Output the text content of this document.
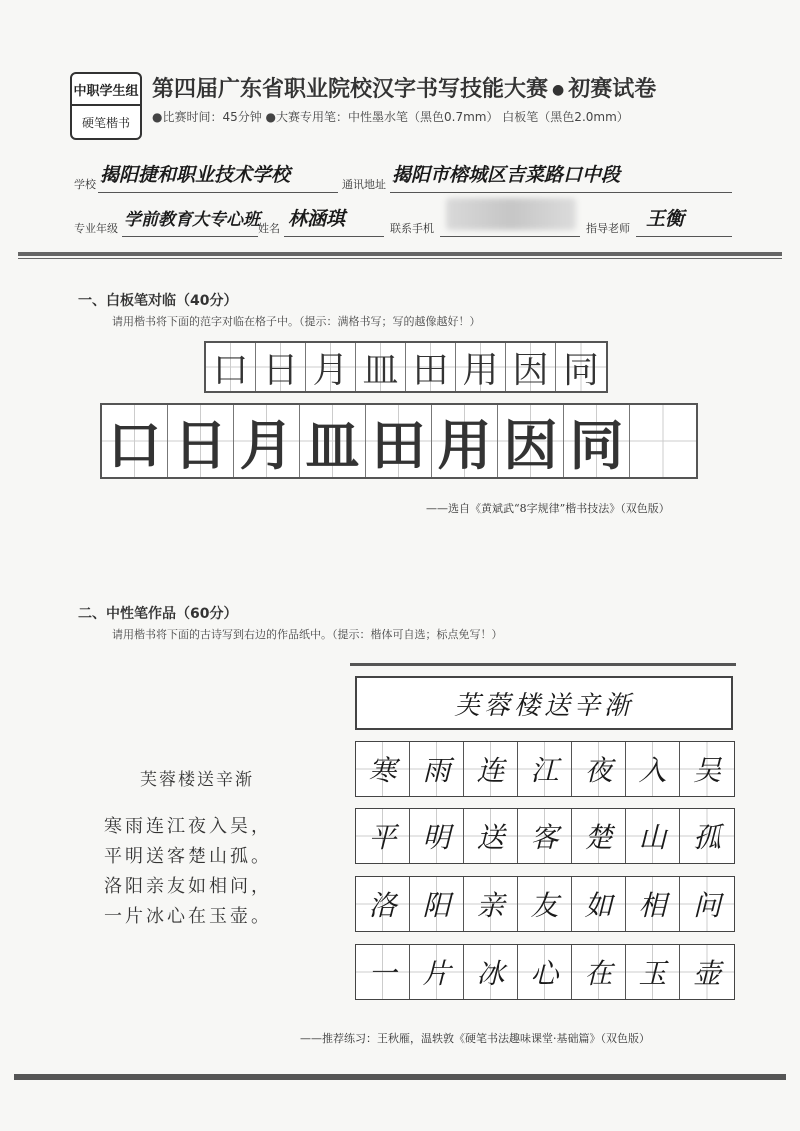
中职学生组
硬笔楷书
第四届广东省职业院校汉字书写技能大赛 ● 初赛试卷
●比赛时间：45分钟 ●大赛专用笔：中性墨水笔（黑色0.7mm） 白板笔（黑色2.0mm）
学校 揭阳捷和职业技术学校	通讯地址 揭阳市榕城区吉菜路口中段
专业年级 学前教育大专心班
姓名 林涵琪	联系手机	指导老师 王衡
一、白板笔对临（40分）
请用楷书将下面的范字对临在格子中。（提示：满格书写；写的越像越好！）
口 日 月 皿 田 用 因 同
口 日 月 皿 田 用 因 同
——选自《黄斌武“8字规律”楷书技法》（双色版）
二、中性笔作品（60分）
请用楷书将下面的古诗写到右边的作品纸中。（提示：楷体可自选；标点免写！）
芙蓉楼送辛渐
寒雨连江夜入吴，
平明送客楚山孤。
洛阳亲友如相问，
一片冰心在玉壶。
芙蓉楼送辛渐
寒 雨 连 江 夜 入 吴
平 明 送 客 楚 山 孤
洛 阳 亲 友 如 相 问
一 片 冰 心 在 玉 壶
——推荐练习：王秋雁，温轶敦《硬笔书法趣味课堂·基础篇》（双色版）
